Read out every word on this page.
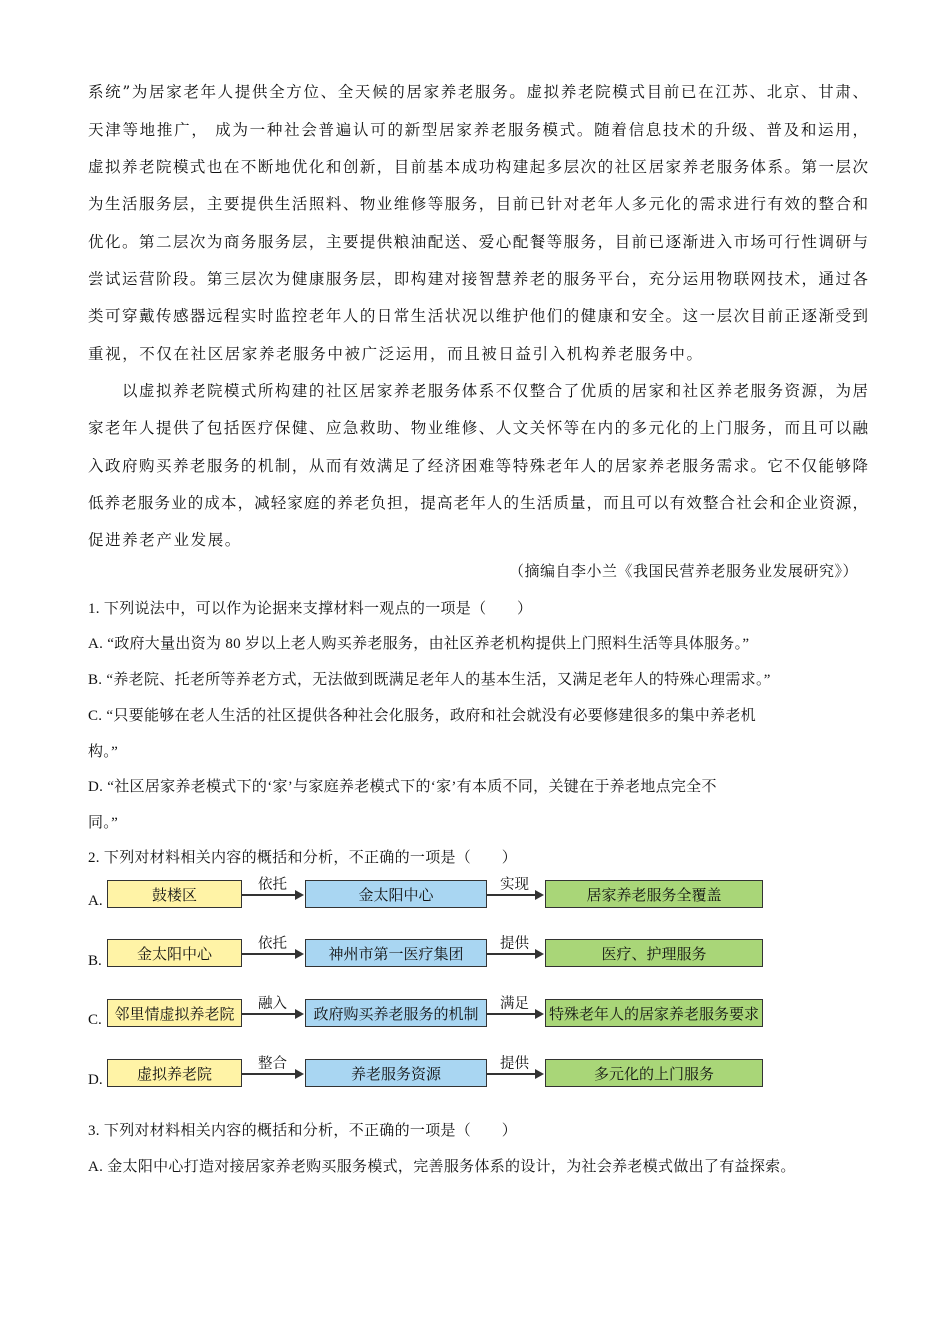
系统”为居家老年人提供全方位、全天候的居家养老服务。虚拟养老院模式目前已在江苏、北京、甘肃、
天津等地推广， 成为一种社会普遍认可的新型居家养老服务模式。随着信息技术的升级、普及和运用，
虚拟养老院模式也在不断地优化和创新，目前基本成功构建起多层次的社区居家养老服务体系。第一层次
为生活服务层，主要提供生活照料、物业维修等服务，目前已针对老年人多元化的需求进行有效的整合和
优化。第二层次为商务服务层，主要提供粮油配送、爱心配餐等服务，目前已逐渐进入市场可行性调研与
尝试运营阶段。第三层次为健康服务层，即构建对接智慧养老的服务平台，充分运用物联网技术，通过各
类可穿戴传感器远程实时监控老年人的日常生活状况以维护他们的健康和安全。这一层次目前正逐渐受到
重视，不仅在社区居家养老服务中被广泛运用，而且被日益引入机构养老服务中。
以虚拟养老院模式所构建的社区居家养老服务体系不仅整合了优质的居家和社区养老服务资源，为居
家老年人提供了包括医疗保健、应急救助、物业维修、人文关怀等在内的多元化的上门服务，而且可以融
入政府购买养老服务的机制，从而有效满足了经济困难等特殊老年人的居家养老服务需求。它不仅能够降
低养老服务业的成本，减轻家庭的养老负担，提高老年人的生活质量，而且可以有效整合社会和企业资源，
促进养老产业发展。
（摘编自李小兰《我国民营养老服务业发展研究》）
1. 下列说法中，可以作为论据来支撑材料一观点的一项是（　　）
A. “政府大量出资为 80 岁以上老人购买养老服务，由社区养老机构提供上门照料生活等具体服务。”
B. “养老院、托老所等养老方式，无法做到既满足老年人的基本生活，又满足老年人的特殊心理需求。”
C. “只要能够在老人生活的社区提供各种社会化服务，政府和社会就没有必要修建很多的集中养老机
构。”
D. “社区居家养老模式下的‘家’与家庭养老模式下的‘家’有本质不同，关键在于养老地点完全不
同。”
2. 下列对材料相关内容的概括和分析，不正确的一项是（　　）
A.	鼓楼区
依托
金太阳中心
实现
居家养老服务全覆盖
B.	金太阳中心
依托
神州市第一医疗集团
提供
医疗、护理服务
C. 邻里情虚拟养老院
融入
政府购买养老服务的机制
满足
特殊老年人的居家养老服务要求
D.	虚拟养老院
整合
养老服务资源
提供
多元化的上门服务
3. 下列对材料相关内容的概括和分析，不正确的一项是（　　）
A. 金太阳中心打造对接居家养老购买服务模式，完善服务体系的设计，为社会养老模式做出了有益探索。
